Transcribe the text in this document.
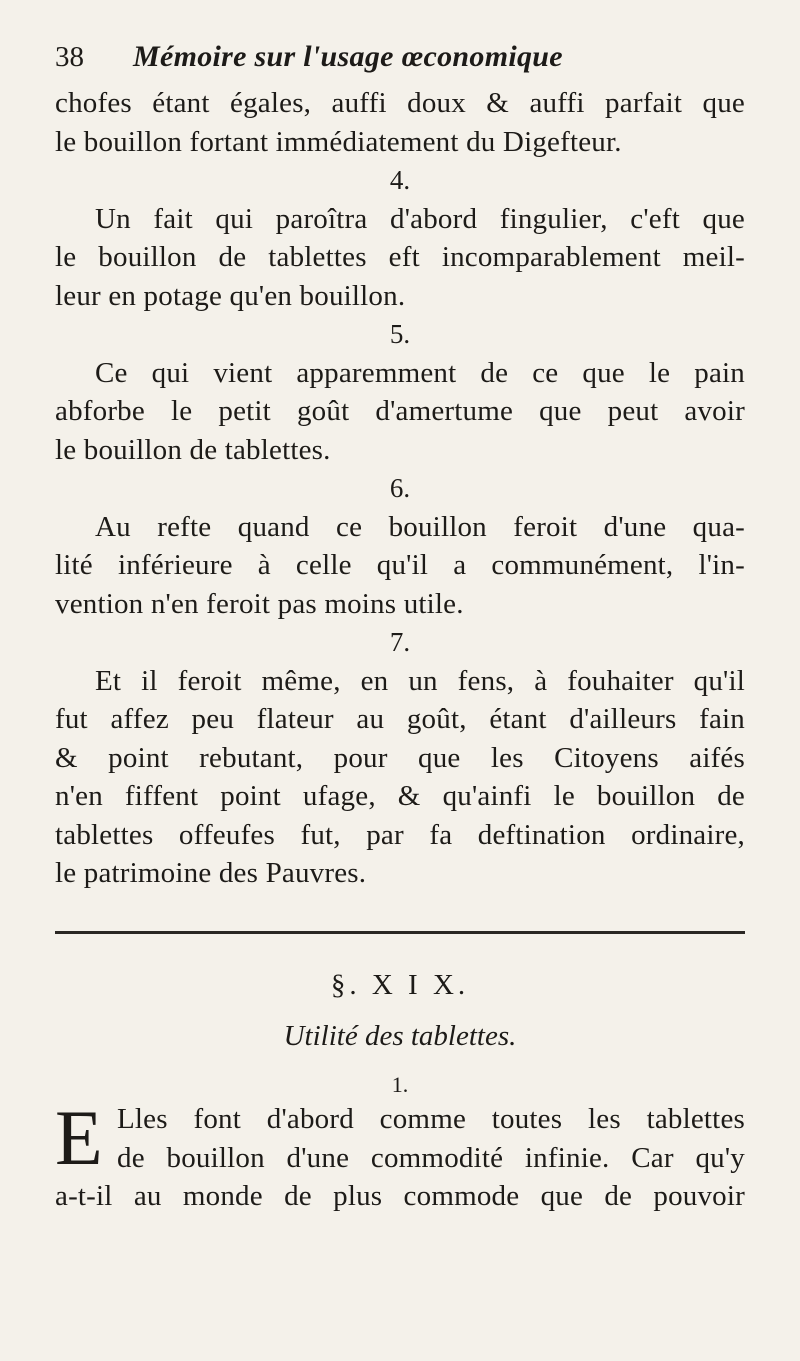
38	Mémoire sur l'usage œconomique
chofes étant égales, auffi doux & auffi parfait que
le bouillon fortant immédiatement du Digefteur.
4.
Un fait qui paroîtra d'abord fingulier, c'eft que
le bouillon de tablettes eft incomparablement meil-
leur en potage qu'en bouillon.
5.
Ce qui vient apparemment de ce que le pain
abforbe le petit goût d'amertume que peut avoir
le bouillon de tablettes.
6.
Au refte quand ce bouillon feroit d'une qua-
lité inférieure à celle qu'il a communément, l'in-
vention n'en feroit pas moins utile.
7.
Et il feroit même, en un fens, à fouhaiter qu'il
fut affez peu flateur au goût, étant d'ailleurs fain
& point rebutant, pour que les Citoyens aifés
n'en fiffent point ufage, & qu'ainfi le bouillon de
tablettes offeufes fut, par fa deftination ordinaire,
le patrimoine des Pauvres.
§. X I X.
Utilité des tablettes.
1.
E Lles font d'abord comme toutes les tablettes
de bouillon d'une commodité infinie. Car qu'y
a-t-il au monde de plus commode que de pouvoir
